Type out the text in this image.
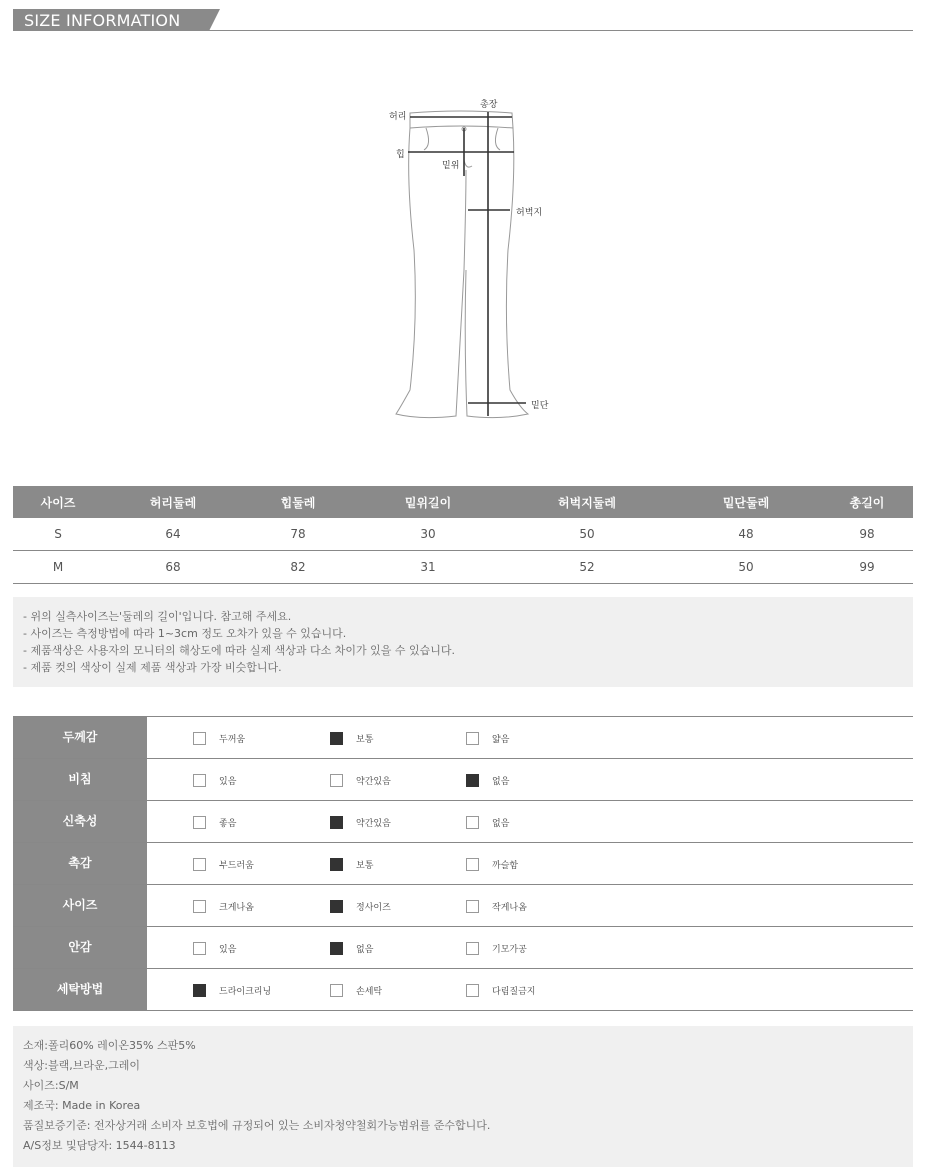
SIZE INFORMATION
허리
총장
힙
밑위
허벅지
밑단
사이즈	허리둘레	힙둘레	밑위길이	허벅지둘레	밑단둘레	총길이
S	64	78	30	50	48	98
M	68	82	31	52	50	99
- 위의 실측사이즈는'둘레의 길이'입니다. 참고해 주세요.
- 사이즈는 측정방법에 따라 1~3cm 정도 오차가 있을 수 있습니다.
- 제품색상은 사용자의 모니터의 해상도에 따라 실제 색상과 다소 차이가 있을 수 있습니다.
- 제품 컷의 색상이 실제 제품 색상과 가장 비슷합니다.
두께감	두꺼움	보통	얇음
비침	있음	약간있음	없음
신축성	좋음	약간있음	없음
촉감	부드러움	보통	까슬함
사이즈	크게나옴	정사이즈	작게나옴
안감	있음	없음	기모가공
세탁방법	드라이크리닝	손세탁	다림질금지
소재:폴리60% 레이온35% 스판5%
색상:블랙,브라운,그레이
사이즈:S/M
제조국: Made in Korea
품질보증기준: 전자상거래 소비자 보호법에 규정되어 있는 소비자청약철회가능범위를 준수합니다.
A/S정보 및담당자: 1544-8113
